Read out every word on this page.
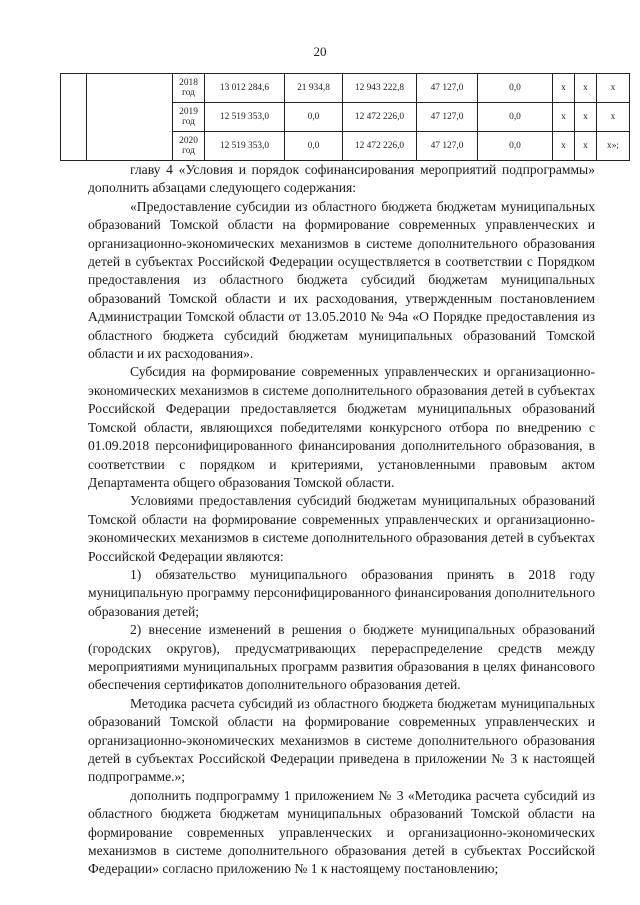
20
		2018 год	13 012 284,6	21 934,8	12 943 222,8	47 127,0	0,0	х	х	х
		2019 год	12 519 353,0	0,0	12 472 226,0	47 127,0	0,0	х	х	х
		2020 год	12 519 353,0	0,0	12 472 226,0	47 127,0	0,0	х	х	х»;

главу 4 «Условия и порядок софинансирования мероприятий подпрограммы» дополнить абзацами следующего содержания:

«Предоставление субсидии из областного бюджета бюджетам муниципальных образований Томской области на формирование современных управленческих и организационно-экономических механизмов в системе дополнительного образования детей в субъектах Российской Федерации осуществляется в соответствии с Порядком предоставления из областного бюджета субсидий бюджетам муниципальных образований Томской области и их расходования, утвержденным постановлением Администрации Томской области от 13.05.2010 № 94а «О Порядке предоставления из областного бюджета субсидий бюджетам муниципальных образований Томской области и их расходования».

Субсидия на формирование современных управленческих и организационно-экономических механизмов в системе дополнительного образования детей в субъектах Российской Федерации предоставляется бюджетам муниципальных образований Томской области, являющихся победителями конкурсного отбора по внедрению с 01.09.2018 персонифицированного финансирования дополнительного образования, в соответствии с порядком и критериями, установленными правовым актом Департамента общего образования Томской области.

Условиями предоставления субсидий бюджетам муниципальных образований Томской области на формирование современных управленческих и организационно-экономических механизмов в системе дополнительного образования детей в субъектах Российской Федерации являются:

1) обязательство муниципального образования принять в 2018 году муниципальную программу персонифицированного финансирования дополнительного образования детей;

2) внесение изменений в решения о бюджете муниципальных образований (городских округов), предусматривающих перераспределение средств между мероприятиями муниципальных программ развития образования в целях финансового обеспечения сертификатов дополнительного образования детей.

Методика расчета субсидий из областного бюджета бюджетам муниципальных образований Томской области на формирование современных управленческих и организационно-экономических механизмов в системе дополнительного образования детей в субъектах Российской Федерации приведена в приложении № 3 к настоящей подпрограмме.»;

дополнить подпрограмму 1 приложением № 3 «Методика расчета субсидий из областного бюджета бюджетам муниципальных образований Томской области на формирование современных управленческих и организационно-экономических механизмов в системе дополнительного образования детей в субъектах Российской Федерации» согласно приложению № 1 к настоящему постановлению;
